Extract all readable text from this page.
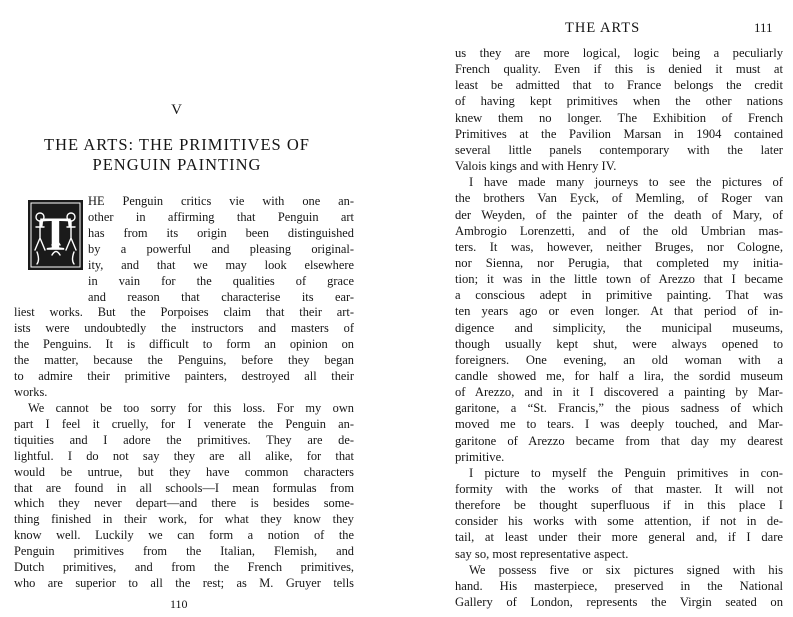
V
THE ARTS: THE PRIMITIVES OF
PENGUIN PAINTING
T
HE Penguin critics vie with one an-
other in affirming that Penguin art
has from its origin been distinguished
by a powerful and pleasing original-
ity, and that we may look elsewhere
in vain for the qualities of grace
and reason that characterise its ear-
liest works. But the Porpoises claim that their art-
ists were undoubtedly the instructors and masters of
the Penguins. It is difficult to form an opinion on
the matter, because the Penguins, before they began
to admire their primitive painters, destroyed all their
works.
We cannot be too sorry for this loss. For my own
part I feel it cruelly, for I venerate the Penguin an-
tiquities and I adore the primitives. They are de-
lightful. I do not say they are all alike, for that
would be untrue, but they have common characters
that are found in all schools—I mean formulas from
which they never depart—and there is besides some-
thing finished in their work, for what they know they
know well. Luckily we can form a notion of the
Penguin primitives from the Italian, Flemish, and
Dutch primitives, and from the French primitives,
who are superior to all the rest; as M. Gruyer tells
110
THE ARTS	111
us they are more logical, logic being a peculiarly
French quality. Even if this is denied it must at
least be admitted that to France belongs the credit
of having kept primitives when the other nations
knew them no longer. The Exhibition of French
Primitives at the Pavilion Marsan in 1904 contained
several little panels contemporary with the later
Valois kings and with Henry IV.
I have made many journeys to see the pictures of
the brothers Van Eyck, of Memling, of Roger van
der Weyden, of the painter of the death of Mary, of
Ambrogio Lorenzetti, and of the old Umbrian mas-
ters. It was, however, neither Bruges, nor Cologne,
nor Sienna, nor Perugia, that completed my initia-
tion; it was in the little town of Arezzo that I became
a conscious adept in primitive painting. That was
ten years ago or even longer. At that period of in-
digence and simplicity, the municipal museums,
though usually kept shut, were always opened to
foreigners. One evening, an old woman with a
candle showed me, for half a lira, the sordid museum
of Arezzo, and in it I discovered a painting by Mar-
garitone, a “St. Francis,” the pious sadness of which
moved me to tears. I was deeply touched, and Mar-
garitone of Arezzo became from that day my dearest
primitive.
I picture to myself the Penguin primitives in con-
formity with the works of that master. It will not
therefore be thought superfluous if in this place I
consider his works with some attention, if not in de-
tail, at least under their more general and, if I dare
say so, most representative aspect.
We possess five or six pictures signed with his
hand. His masterpiece, preserved in the National
Gallery of London, represents the Virgin seated on
